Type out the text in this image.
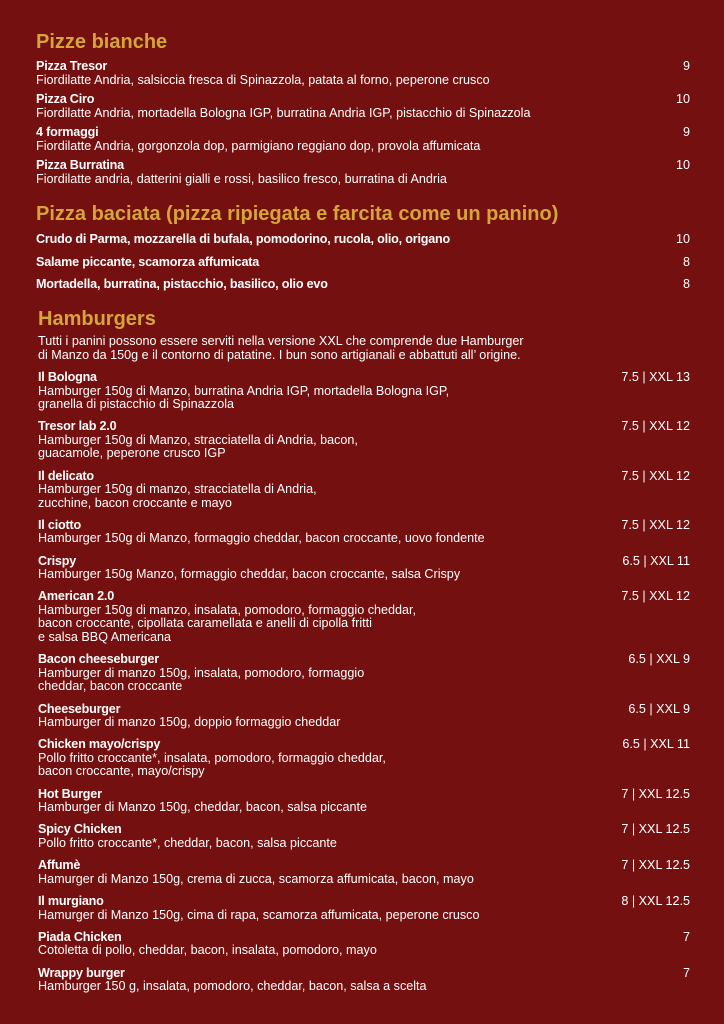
Pizze bianche
Pizza Tresor
Fiordilatte Andria, salsiccia fresca di Spinazzola, patata al forno, peperone crusco
9
Pizza Ciro
Fiordilatte Andria, mortadella Bologna IGP, burratina Andria IGP, pistacchio di Spinazzola
10
4 formaggi
Fiordilatte Andria, gorgonzola dop, parmigiano reggiano dop, provola affumicata
9
Pizza Burratina
Fiordilatte andria, datterini gialli e rossi, basilico fresco, burratina di Andria
10
Pizza baciata (pizza ripiegata e farcita come un panino)
Crudo di Parma, mozzarella di bufala, pomodorino, rucola, olio, origano	10
Salame piccante, scamorza affumicata	8
Mortadella, burratina, pistacchio, basilico, olio evo	8
Hamburgers
Tutti i panini possono essere serviti nella versione XXL che comprende due Hamburger
di Manzo da 150g e il contorno di patatine. I bun sono artigianali e abbattuti all’ origine.
Il Bologna
Hamburger 150g di Manzo, burratina Andria IGP, mortadella Bologna IGP,
granella di pistacchio di Spinazzola
7.5 | XXL 13
Tresor lab 2.0
Hamburger 150g di Manzo, stracciatella di Andria, bacon,
guacamole, peperone crusco IGP
7.5 | XXL 12
Il delicato
Hamburger 150g di manzo, stracciatella di Andria,
zucchine, bacon croccante e mayo
7.5 | XXL 12
Il ciotto
Hamburger 150g di Manzo, formaggio cheddar, bacon croccante, uovo fondente
7.5 | XXL 12
Crispy
Hamburger 150g Manzo, formaggio cheddar, bacon croccante, salsa Crispy
6.5 | XXL 11
American 2.0
Hamburger 150g di manzo, insalata, pomodoro, formaggio cheddar,
bacon croccante, cipollata caramellata e anelli di cipolla fritti
e salsa BBQ Americana
7.5 | XXL 12
Bacon cheeseburger
Hamburger di manzo 150g, insalata, pomodoro, formaggio
cheddar, bacon croccante
6.5 | XXL 9
Cheeseburger
Hamburger di manzo 150g, doppio formaggio cheddar
6.5 | XXL 9
Chicken mayo/crispy
Pollo fritto croccante*, insalata, pomodoro, formaggio cheddar,
bacon croccante, mayo/crispy
6.5 | XXL 11
Hot Burger
Hamburger di Manzo 150g, cheddar, bacon, salsa piccante
7 | XXL 12.5
Spicy Chicken
Pollo fritto croccante*, cheddar, bacon, salsa piccante
7 | XXL 12.5
Affumè
Hamurger di Manzo 150g, crema di zucca, scamorza affumicata, bacon, mayo
7 | XXL 12.5
Il murgiano
Hamurger di Manzo 150g, cima di rapa, scamorza affumicata, peperone crusco
8 | XXL 12.5
Piada Chicken
Cotoletta di pollo, cheddar, bacon, insalata, pomodoro, mayo
7
Wrappy burger
Hamburger 150 g, insalata, pomodoro, cheddar, bacon, salsa a scelta
7
